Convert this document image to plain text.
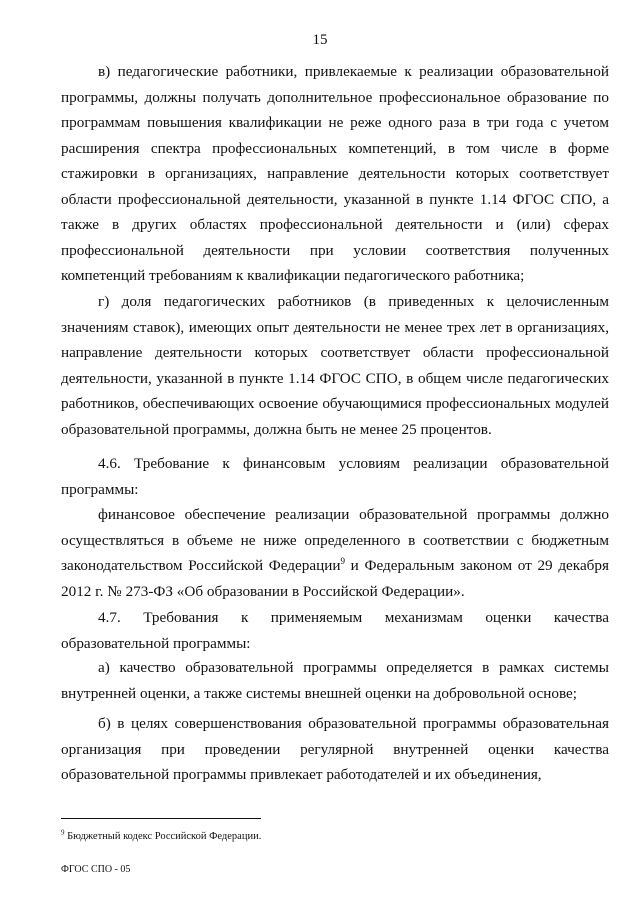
15

в) педагогические работники, привлекаемые к реализации образовательной программы, должны получать дополнительное профессиональное образование по программам повышения квалификации не реже одного раза в три года с учетом расширения спектра профессиональных компетенций, в том числе в форме стажировки в организациях, направление деятельности которых соответствует области профессиональной деятельности, указанной в пункте 1.14 ФГОС СПО, а также в других областях профессиональной деятельности и (или) сферах профессиональной деятельности при условии соответствия полученных компетенций требованиям к квалификации педагогического работника;

г) доля педагогических работников (в приведенных к целочисленным значениям ставок), имеющих опыт деятельности не менее трех лет в организациях, направление деятельности которых соответствует области профессиональной деятельности, указанной в пункте 1.14 ФГОС СПО, в общем числе педагогических работников, обеспечивающих освоение обучающимися профессиональных модулей образовательной программы, должна быть не менее 25 процентов.

4.6. Требование к финансовым условиям реализации образовательной программы:

финансовое обеспечение реализации образовательной программы должно осуществляться в объеме не ниже определенного в соответствии с бюджетным законодательством Российской Федерации$^9$ и Федеральным законом от 29 декабря 2012 г. № 273-ФЗ «Об образовании в Российской Федерации».

4.7. Требования к применяемым механизмам оценки качества образовательной программы:

а) качество образовательной программы определяется в рамках системы внутренней оценки, а также системы внешней оценки на добровольной основе;

б) в целях совершенствования образовательной программы образовательная организация при проведении регулярной внутренней оценки качества образовательной программы привлекает работодателей и их объединения,

$^9$ Бюджетный кодекс Российской Федерации.
ФГОС СПО - 05
